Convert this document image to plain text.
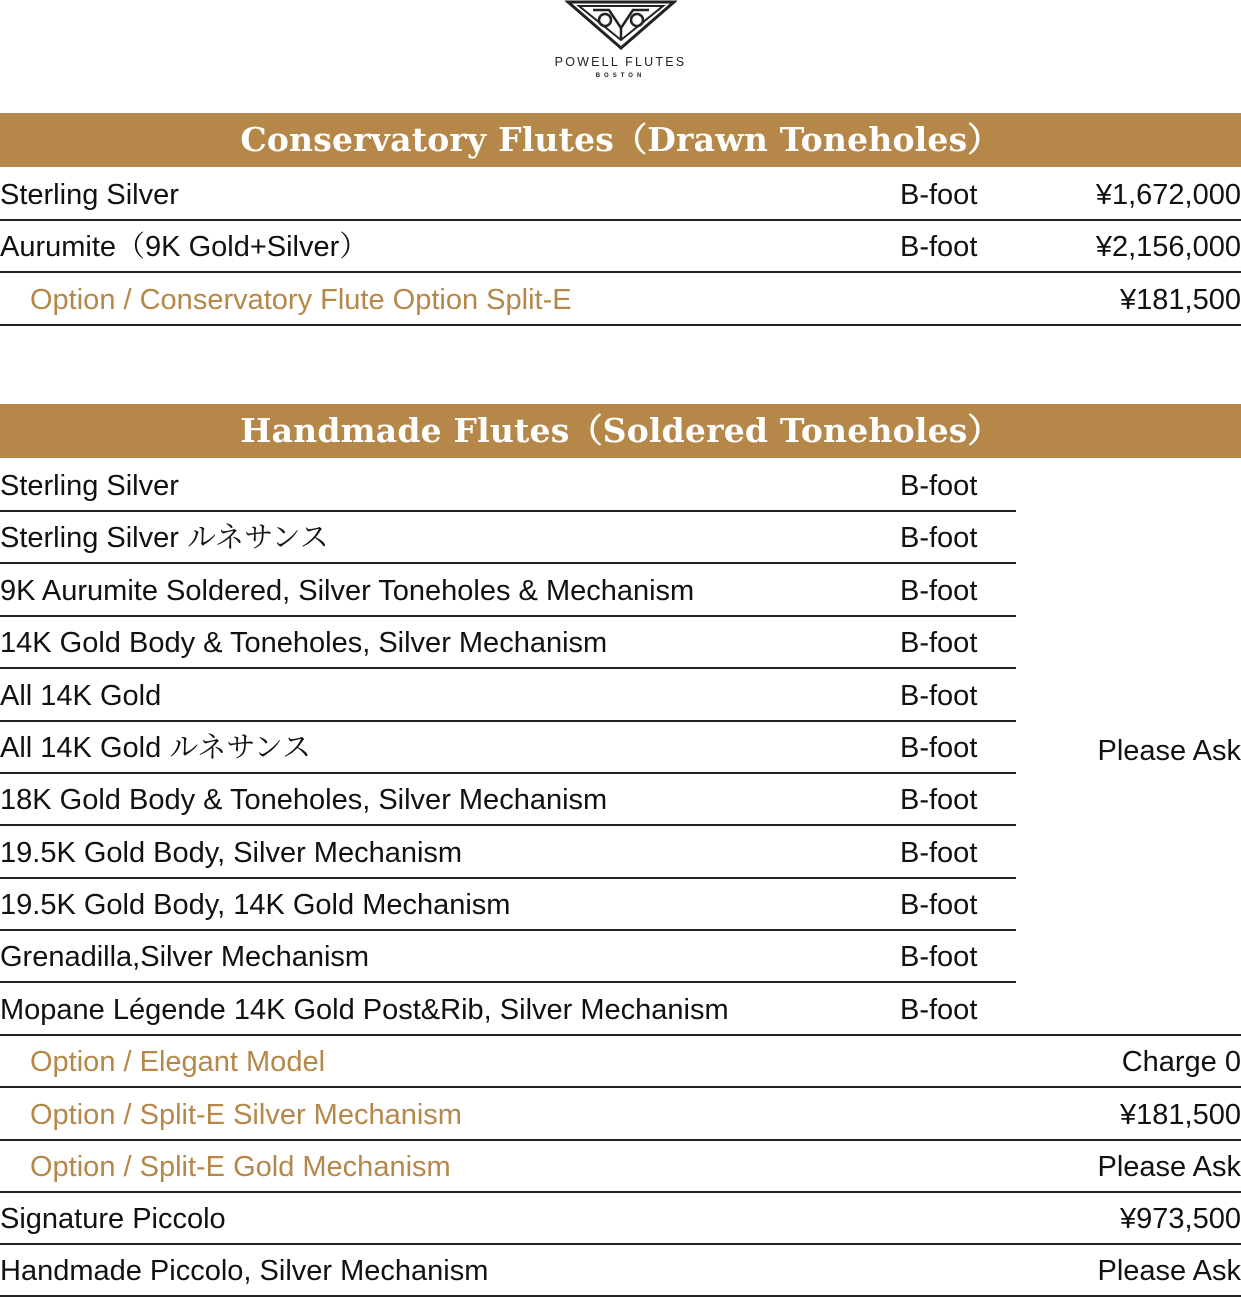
POWELL FLUTES
BOSTON
Conservatory Flutes（Drawn Toneholes）
Sterling Silver	B-foot	¥1,672,000
Aurumite（9K Gold+Silver）	B-foot	¥2,156,000
Option / Conservatory Flute Option Split-E	¥181,500
Handmade Flutes（Soldered Toneholes）
Sterling Silver	B-foot
Sterling Silver ルネサンス	B-foot
9K Aurumite Soldered, Silver Toneholes & Mechanism	B-foot
14K Gold Body & Toneholes, Silver Mechanism	B-foot
All 14K Gold	B-foot
All 14K Gold ルネサンス	B-foot
18K Gold Body & Toneholes, Silver Mechanism	B-foot
19.5K Gold Body, Silver Mechanism	B-foot
19.5K Gold Body, 14K Gold Mechanism	B-foot
Grenadilla,Silver Mechanism	B-foot
Mopane Légende 14K Gold Post&Rib, Silver Mechanism	B-foot
Please Ask
Option / Elegant Model	Charge 0
Option / Split-E Silver Mechanism	¥181,500
Option / Split-E Gold Mechanism	Please Ask
Signature Piccolo	¥973,500
Handmade Piccolo, Silver Mechanism	Please Ask
